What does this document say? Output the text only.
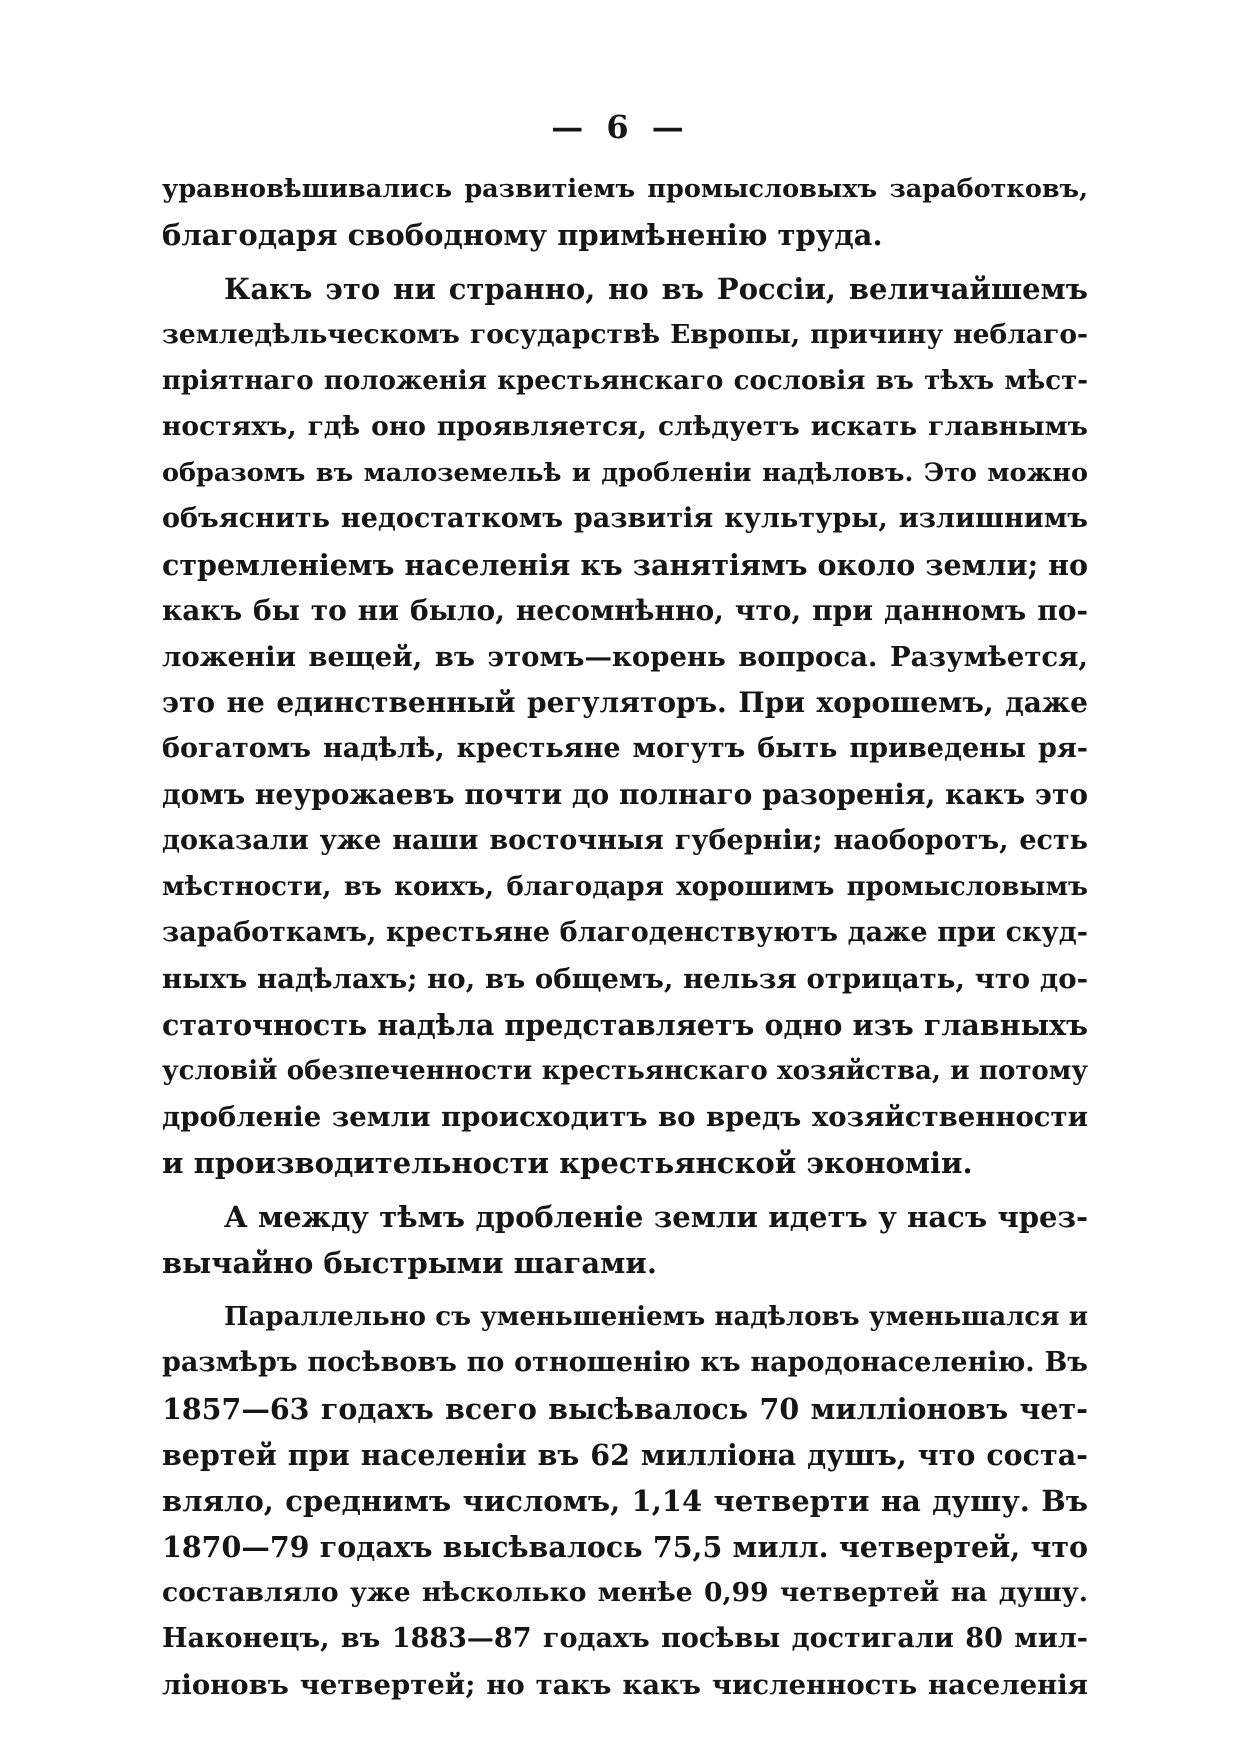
— 6 —
уравновѣшивались развитіемъ промысловыхъ заработковъ,
благодаря свободному примѣненію труда.
Какъ это ни странно, но въ Россіи, величайшемъ
земледѣльческомъ государствѣ Европы, причину неблаго-
пріятнаго положенія крестьянскаго сословія въ тѣхъ мѣст-
ностяхъ, гдѣ оно проявляется, слѣдуетъ искать главнымъ
образомъ въ малоземельѣ и дробленіи надѣловъ. Это можно
объяснить недостаткомъ развитія культуры, излишнимъ
стремленіемъ населенія къ занятіямъ около земли; но
какъ бы то ни было, несомнѣнно, что, при данномъ по-
ложеніи вещей, въ этомъ—корень вопроса. Разумѣется,
это не единственный регуляторъ. При хорошемъ, даже
богатомъ надѣлѣ, крестьяне могутъ быть приведены ря-
домъ неурожаевъ почти до полнаго разоренія, какъ это
доказали уже наши восточныя губерніи; наоборотъ, есть
мѣстности, въ коихъ, благодаря хорошимъ промысловымъ
заработкамъ, крестьяне благоденствуютъ даже при скуд-
ныхъ надѣлахъ; но, въ общемъ, нельзя отрицать, что до-
статочность надѣла представляетъ одно изъ главныхъ
условій обезпеченности крестьянскаго хозяйства, и потому
дробленіе земли происходитъ во вредъ хозяйственности
и производительности крестьянской экономіи.
А между тѣмъ дробленіе земли идетъ у насъ чрез-
вычайно быстрыми шагами.
Параллельно съ уменьшеніемъ надѣловъ уменьшался и
размѣръ посѣвовъ по отношенію къ народонаселенію. Въ
1857—63 годахъ всего высѣвалось 70 милліоновъ чет-
вертей при населеніи въ 62 милліона душъ, что соста-
вляло, среднимъ числомъ, 1,14 четверти на душу. Въ
1870—79 годахъ высѣвалось 75,5 милл. четвертей, что
составляло уже нѣсколько менѣе 0,99 четвертей на душу.
Наконецъ, въ 1883—87 годахъ посѣвы достигали 80 мил-
ліоновъ четвертей; но такъ какъ численность населенія
